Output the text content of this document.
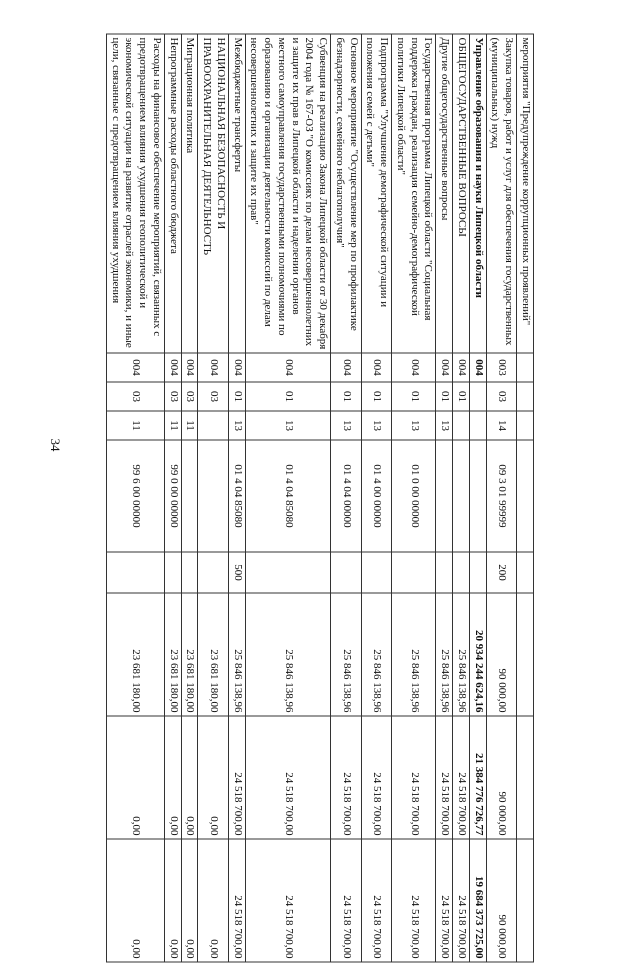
34
мероприятия "Предупреждение коррупционных проявлений"								
Закупка товаров, работ и услуг для обеспечения государственных (муниципальных) нужд	003	03	14	09 3 01 99999	200	90 000,00	90 000,00	90 000,00
Управление образования и науки Липецкой области	004					20 934 244 624,16	21 384 776 726,77	19 684 373 725,00
ОБЩЕГОСУДАРСТВЕННЫЕ ВОПРОСЫ	004	01				25 846 138,96	24 518 700,00	24 518 700,00
Другие общегосударственные вопросы	004	01	13			25 846 138,96	24 518 700,00	24 518 700,00
Государственная программа Липецкой области "Социальная поддержка граждан, реализация семейно-демографической политики Липецкой области"	004	01	13	01 0 00 00000		25 846 138,96	24 518 700,00	24 518 700,00
Подпрограмма "Улучшение демографической ситуации и положения семей с детьми"	004	01	13	01 4 00 00000		25 846 138,96	24 518 700,00	24 518 700,00
Основное мероприятие "Осуществление мер по профилактике безнадзорности, семейного неблагополучия"	004	01	13	01 4 04 00000		25 846 138,96	24 518 700,00	24 518 700,00
Субвенция на реализацию Закона Липецкой области от 30 декабря 2004 года № 167-ОЗ "О комиссиях по делам несовершеннолетних и защите их прав в Липецкой области и наделении органов местного самоуправления государственными полномочиями по образованию и организации деятельности комиссий по делам несовершеннолетних и защите их прав"	004	01	13	01 4 04 85080		25 846 138,96	24 518 700,00	24 518 700,00
Межбюджетные трансферты	004	01	13	01 4 04 85080	500	25 846 138,96	24 518 700,00	24 518 700,00
НАЦИОНАЛЬНАЯ БЕЗОПАСНОСТЬ И ПРАВООХРАНИТЕЛЬНАЯ ДЕЯТЕЛЬНОСТЬ	004	03				23 681 180,00	0,00	0,00
Миграционная политика	004	03	11			23 681 180,00	0,00	0,00
Непрограммные расходы областного бюджета	004	03	11	99 0 00 00000		23 681 180,00	0,00	0,00
Расходы на финансовое обеспечение мероприятий, связанных с предотвращением влияния ухудшения геополитической и экономической ситуации на развитие отраслей экономики, и иные цели, связанные с предотвращением влияния ухудшения	004	03	11	99 6 00 00000		23 681 180,00	0,00	0,00
